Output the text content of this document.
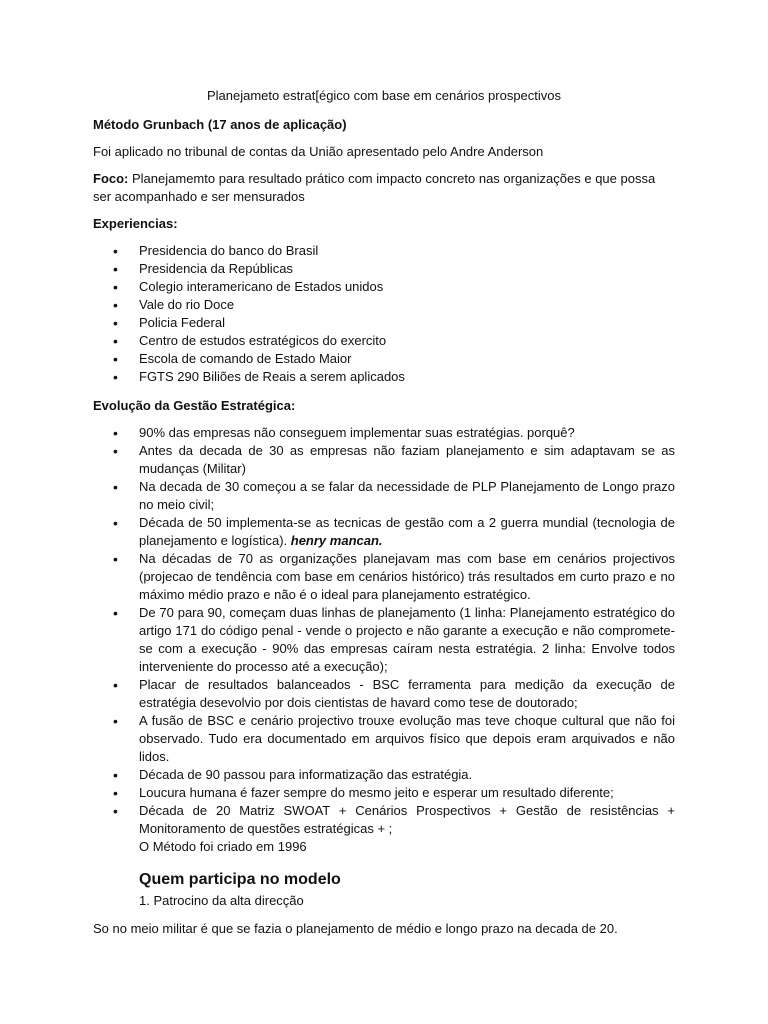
Planejameto estrat[égico com base em cenários prospectivos

Método Grunbach (17 anos de aplicação)

Foi aplicado no tribunal de contas da União apresentado pelo Andre Anderson

Foco: Planejamemto para resultado prático com impacto concreto nas organizações e que possa ser acompanhado e ser mensurados

Experiencias:

• Presidencia do banco do Brasil
• Presidencia da Repúblicas
• Colegio interamericano de Estados unidos
• Vale do rio Doce
• Policia Federal
• Centro de estudos estratégicos do exercito
• Escola de comando de Estado Maior
• FGTS 290 Biliões de Reais a serem aplicados

Evolução da Gestão Estratégica:

• 90% das empresas não conseguem implementar suas estratégias. porquê?
• Antes da decada de 30 as empresas não faziam planejamento e sim adaptavam se as mudanças (Militar)
• Na decada de 30 começou a se falar da necessidade de PLP Planejamento de Longo prazo no meio civil;
• Década de 50 implementa-se as tecnicas de gestão com a 2 guerra mundial (tecnologia de planejamento e logística). henry mancan.
• Na décadas de 70 as organizações planejavam mas com base em cenários projectivos (projecao de tendência com base em cenários histórico) trás resultados em curto prazo e no máximo médio prazo e não é o ideal para planejamento estratégico.
• De 70 para 90, começam duas linhas de planejamento (1 linha: Planejamento estratégico do artigo 171 do código penal - vende o projecto e não garante a execução e não compromete-se com a execução - 90% das empresas caíram nesta estratégia. 2 linha: Envolve todos interveniente do processo até a execução);
• Placar de resultados balanceados - BSC ferramenta para medição da execução de estratégia desevolvio por dois cientistas de havard como tese de doutorado;
• A fusão de BSC e cenário projectivo trouxe evolução mas teve choque cultural que não foi observado. Tudo era documentado em arquivos físico que depois eram arquivados e não lidos.
• Década de 90 passou para informatização das estratégia.
• Loucura humana é fazer sempre do mesmo jeito e esperar um resultado diferente;
• Década de 20 Matriz SWOAT + Cenários Prospectivos + Gestão de resistências + Monitoramento de questões estratégicas + ;
O Método foi criado em 1996

Quem participa no modelo

1. Patrocino da alta direcção

So no meio militar é que se fazia o planejamento de médio e longo prazo na decada de 20.
